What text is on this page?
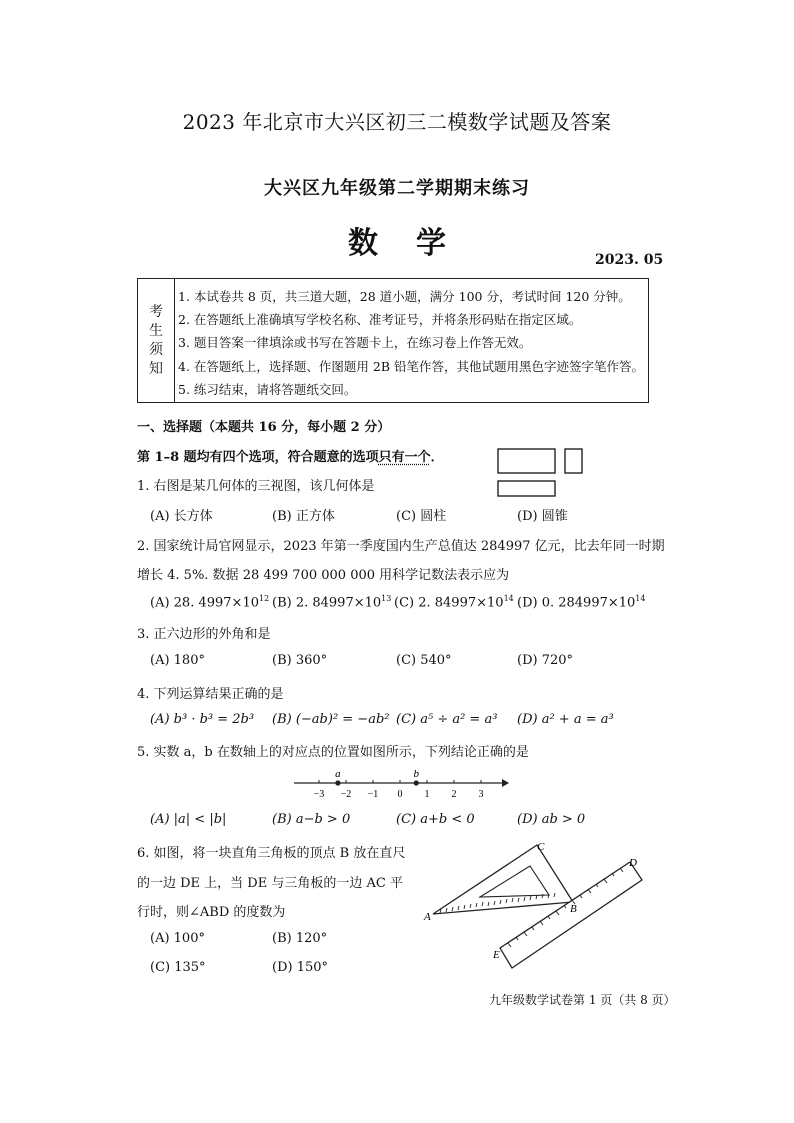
2023 年北京市大兴区初三二模数学试题及答案
大兴区九年级第二学期期末练习
数学	2023. 05
考
生
须
知
1. 本试卷共 8 页，共三道大题，28 道小题，满分 100 分，考试时间 120 分钟。
2. 在答题纸上准确填写学校名称、准考证号，并将条形码贴在指定区域。
3. 题目答案一律填涂或书写在答题卡上，在练习卷上作答无效。
4. 在答题纸上，选择题、作图题用 2B 铅笔作答，其他试题用黑色字迹签字笔作答。
5. 练习结束，请将答题纸交回。
一、选择题（本题共 16 分，每小题 2 分）
第 1–8 题均有四个选项，符合题意的选项只有一个．
1. 右图是某几何体的三视图，该几何体是
(A) 长方体	(B) 正方体	(C) 圆柱	(D) 圆锥
2. 国家统计局官网显示，2023 年第一季度国内生产总值达 284997 亿元，比去年同一时期
增长 4. 5%. 数据 28 499 700 000 000 用科学记数法表示应为
(A) 28. $4997\times 10^{12}$ (B) 2. $84997\times 10^{13}$ (C) 2. $84997\times 10^{14}$ (D) 0. $284997\times 10^{14}$
3. 正六边形的外角和是
(A) 180°	(B) 360°	(C) 540°	(D) 720°
4. 下列运算结果正确的是
(A) b³ · b³ = 2b³ (B) (−ab)² = −ab² (C) a⁵ ÷ a² = a³ (D) a² + a = a³
5. 实数 a，b 在数轴上的对应点的位置如图所示，下列结论正确的是
−3 −2 −1 0 1 2 3
a	b
(A) |a| < |b|	(B) a−b > 0	(C) a+b < 0	(D) ab > 0
6. 如图，将一块直角三角板的顶点 B 放在直尺
的一边 DE 上，当 DE 与三角板的一边 AC 平
行时，则∠ABD 的度数为
(A) 100°	(B) 120°
(C) 135°	(D) 150°
A
C
B
D
E
九年级数学试卷第 1 页（共 8 页）
